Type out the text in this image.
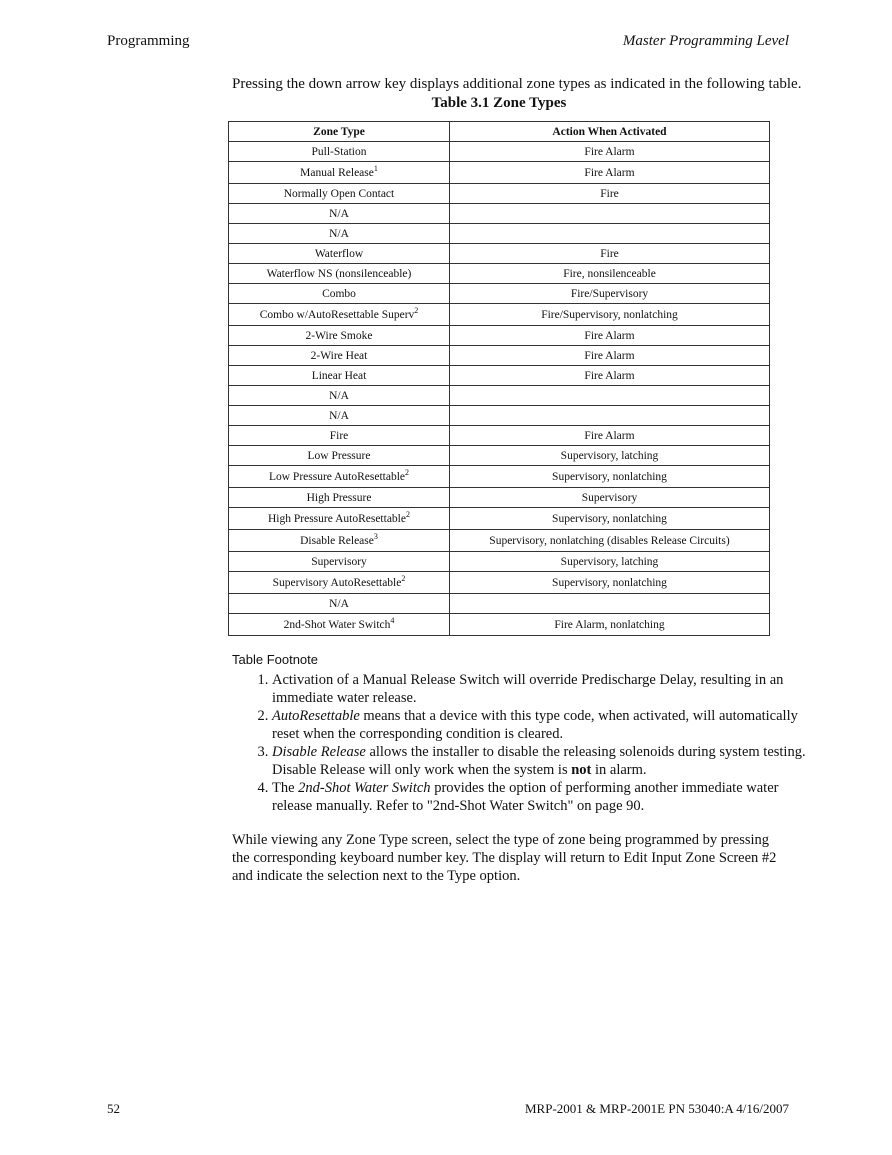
Programming	Master Programming Level
Pressing the down arrow key displays additional zone types as indicated in the following table.
Table 3.1 Zone Types
Zone Type	Action When Activated
Pull-Station	Fire Alarm
Manual Release$^1$	Fire Alarm
Normally Open Contact	Fire
N/A	
N/A	
Waterflow	Fire
Waterflow NS (nonsilenceable)	Fire, nonsilenceable
Combo	Fire/Supervisory
Combo w/AutoResettable Superv$^2$	Fire/Supervisory, nonlatching
2-Wire Smoke	Fire Alarm
2-Wire Heat	Fire Alarm
Linear Heat	Fire Alarm
N/A	
N/A	
Fire	Fire Alarm
Low Pressure	Supervisory, latching
Low Pressure AutoResettable$^2$	Supervisory, nonlatching
High Pressure	Supervisory
High Pressure AutoResettable$^2$	Supervisory, nonlatching
Disable Release$^3$	Supervisory, nonlatching (disables Release Circuits)
Supervisory	Supervisory, latching
Supervisory AutoResettable$^2$	Supervisory, nonlatching
N/A	
2nd-Shot Water Switch$^4$	Fire Alarm, nonlatching
Table Footnote
1. Activation of a Manual Release Switch will override Predischarge Delay, resulting in an immediate water release.
2. AutoResettable means that a device with this type code, when activated, will automatically reset when the corresponding condition is cleared.
3. Disable Release allows the installer to disable the releasing solenoids during system testing. Disable Release will only work when the system is not in alarm.
4. The 2nd-Shot Water Switch provides the option of performing another immediate water release manually. Refer to "2nd-Shot Water Switch" on page 90.
While viewing any Zone Type screen, select the type of zone being programmed by pressing the corresponding keyboard number key. The display will return to Edit Input Zone Screen #2 and indicate the selection next to the Type option.
52	MRP-2001 & MRP-2001E PN 53040:A 4/16/2007
